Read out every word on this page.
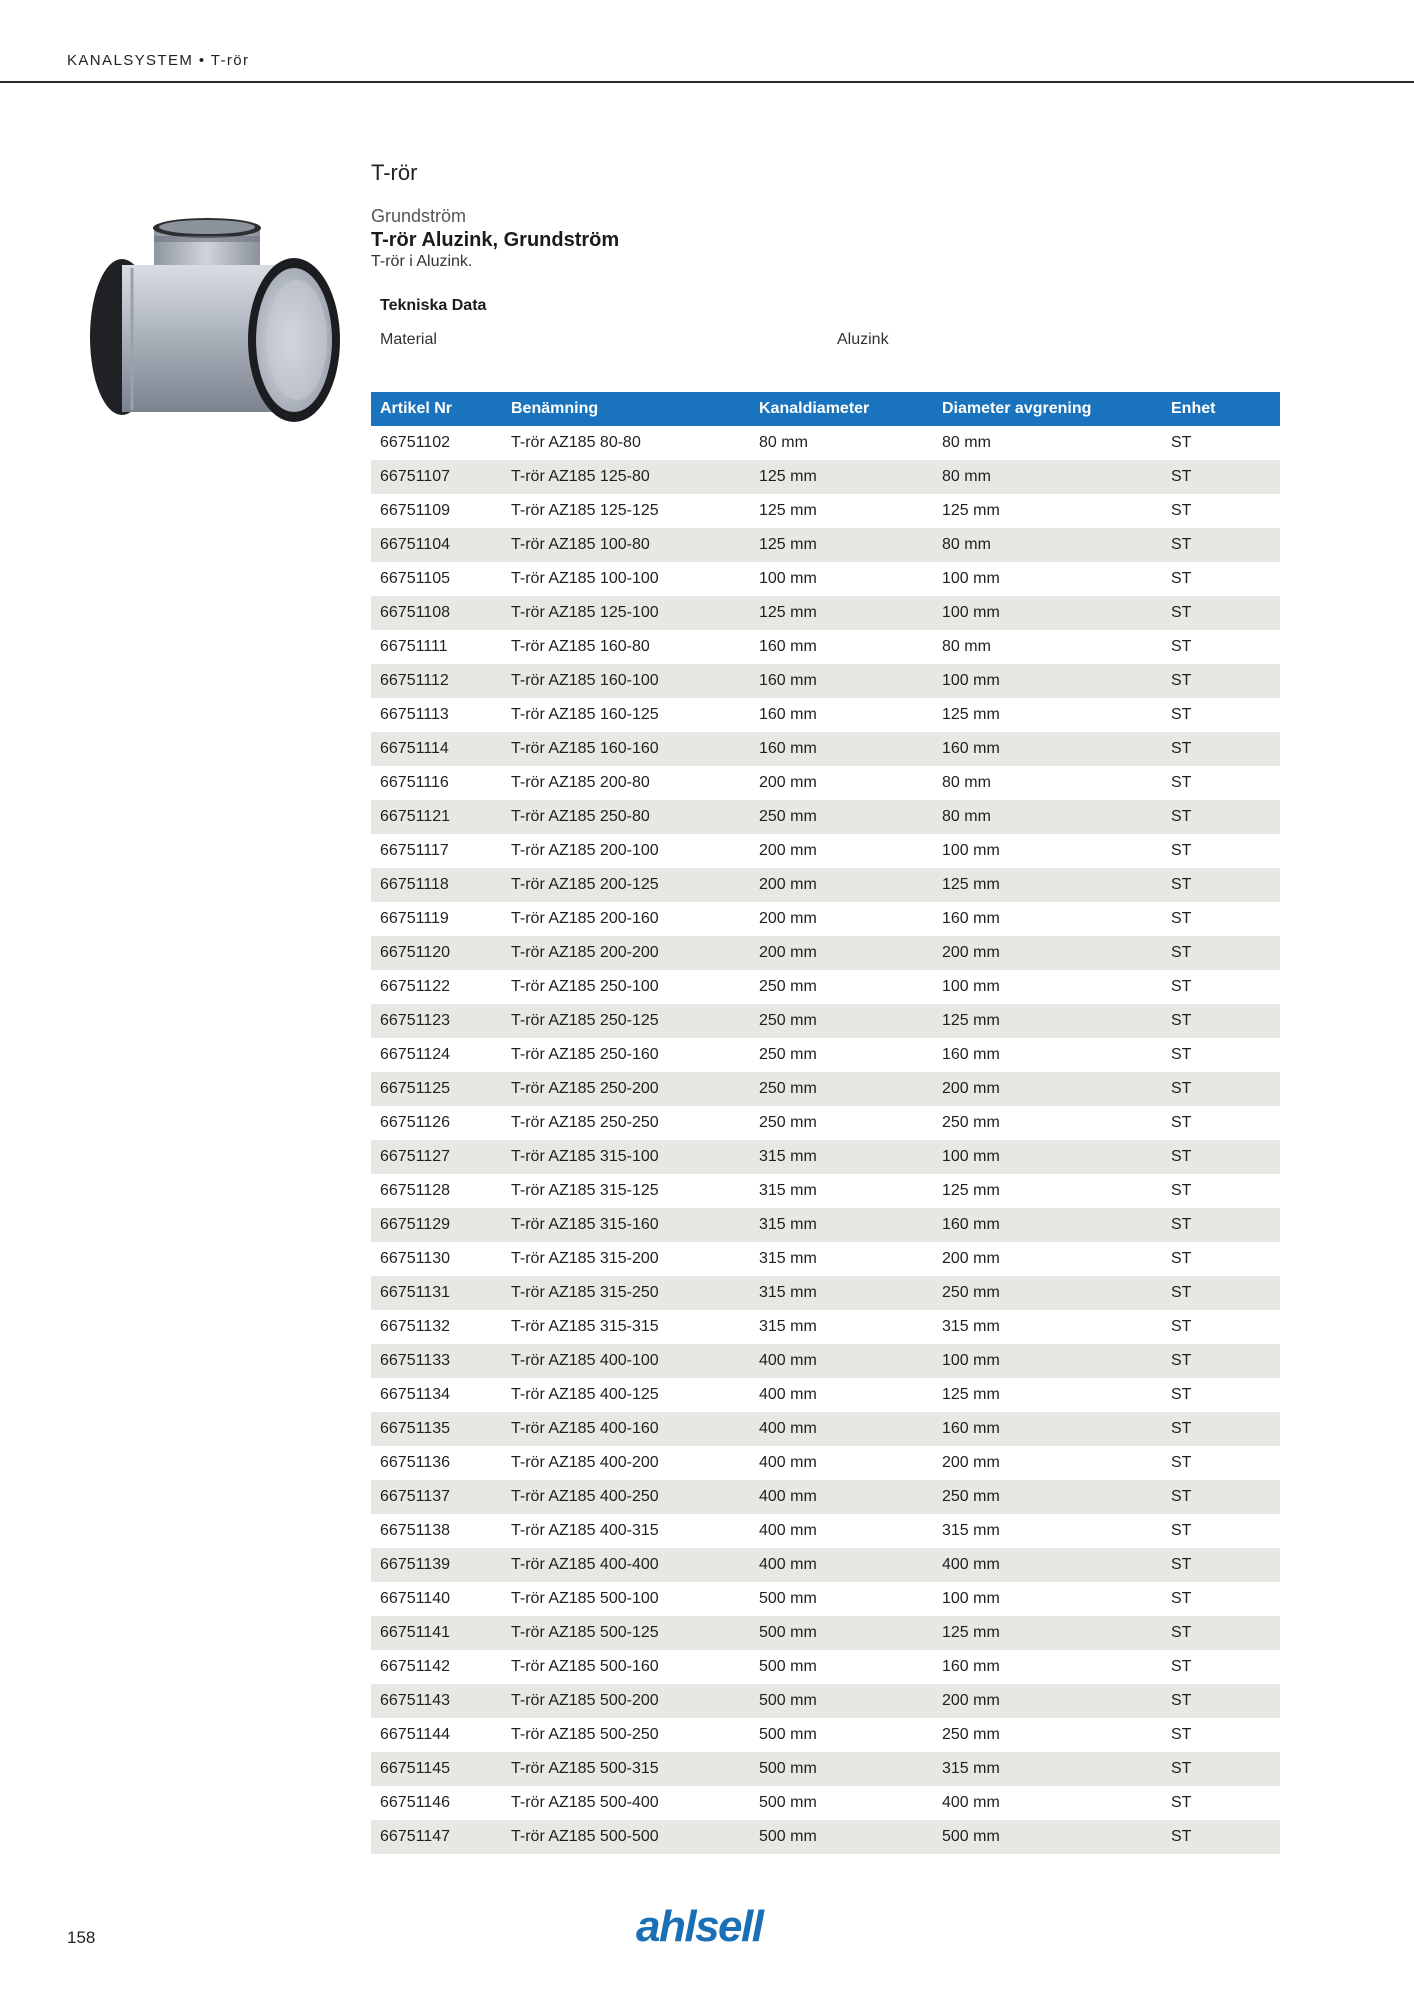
KANALSYSTEM • T-rör
T-rör
Grundström
T-rör Aluzink, Grundström
T-rör i Aluzink.
Tekniska Data
Material	Aluzink
Artikel Nr	Benämning	Kanaldiameter	Diameter avgrening	Enhet
66751102	T-rör AZ185 80-80	80 mm	80 mm	ST
66751107	T-rör AZ185 125-80	125 mm	80 mm	ST
66751109	T-rör AZ185 125-125	125 mm	125 mm	ST
66751104	T-rör AZ185 100-80	125 mm	80 mm	ST
66751105	T-rör AZ185 100-100	100 mm	100 mm	ST
66751108	T-rör AZ185 125-100	125 mm	100 mm	ST
66751111	T-rör AZ185 160-80	160 mm	80 mm	ST
66751112	T-rör AZ185 160-100	160 mm	100 mm	ST
66751113	T-rör AZ185 160-125	160 mm	125 mm	ST
66751114	T-rör AZ185 160-160	160 mm	160 mm	ST
66751116	T-rör AZ185 200-80	200 mm	80 mm	ST
66751121	T-rör AZ185 250-80	250 mm	80 mm	ST
66751117	T-rör AZ185 200-100	200 mm	100 mm	ST
66751118	T-rör AZ185 200-125	200 mm	125 mm	ST
66751119	T-rör AZ185 200-160	200 mm	160 mm	ST
66751120	T-rör AZ185 200-200	200 mm	200 mm	ST
66751122	T-rör AZ185 250-100	250 mm	100 mm	ST
66751123	T-rör AZ185 250-125	250 mm	125 mm	ST
66751124	T-rör AZ185 250-160	250 mm	160 mm	ST
66751125	T-rör AZ185 250-200	250 mm	200 mm	ST
66751126	T-rör AZ185 250-250	250 mm	250 mm	ST
66751127	T-rör AZ185 315-100	315 mm	100 mm	ST
66751128	T-rör AZ185 315-125	315 mm	125 mm	ST
66751129	T-rör AZ185 315-160	315 mm	160 mm	ST
66751130	T-rör AZ185 315-200	315 mm	200 mm	ST
66751131	T-rör AZ185 315-250	315 mm	250 mm	ST
66751132	T-rör AZ185 315-315	315 mm	315 mm	ST
66751133	T-rör AZ185 400-100	400 mm	100 mm	ST
66751134	T-rör AZ185 400-125	400 mm	125 mm	ST
66751135	T-rör AZ185 400-160	400 mm	160 mm	ST
66751136	T-rör AZ185 400-200	400 mm	200 mm	ST
66751137	T-rör AZ185 400-250	400 mm	250 mm	ST
66751138	T-rör AZ185 400-315	400 mm	315 mm	ST
66751139	T-rör AZ185 400-400	400 mm	400 mm	ST
66751140	T-rör AZ185 500-100	500 mm	100 mm	ST
66751141	T-rör AZ185 500-125	500 mm	125 mm	ST
66751142	T-rör AZ185 500-160	500 mm	160 mm	ST
66751143	T-rör AZ185 500-200	500 mm	200 mm	ST
66751144	T-rör AZ185 500-250	500 mm	250 mm	ST
66751145	T-rör AZ185 500-315	500 mm	315 mm	ST
66751146	T-rör AZ185 500-400	500 mm	400 mm	ST
66751147	T-rör AZ185 500-500	500 mm	500 mm	ST
158	ahlsell
